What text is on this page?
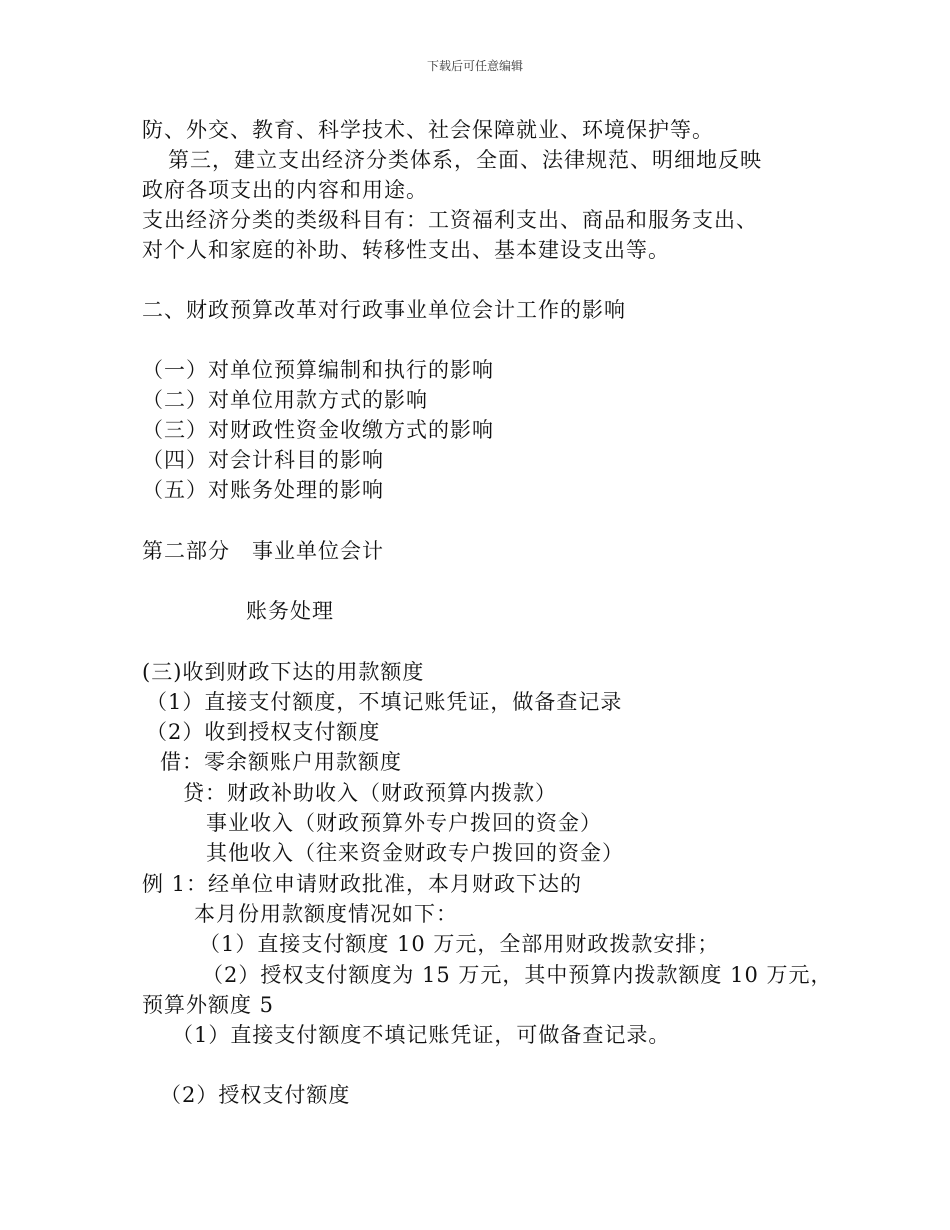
下载后可任意编辑
防、外交、教育、科学技术、社会保障就业、环境保护等。
第三，建立支出经济分类体系，全面、法律规范、明细地反映
政府各项支出的内容和用途。
支出经济分类的类级科目有：工资福利支出、商品和服务支出、
对个人和家庭的补助、转移性支出、基本建设支出等。
二、财政预算改革对行政事业单位会计工作的影响
（一）对单位预算编制和执行的影响
（二）对单位用款方式的影响
（三）对财政性资金收缴方式的影响
（四）对会计科目的影响
（五）对账务处理的影响
第二部分　事业单位会计
账务处理
(三)收到财政下达的用款额度
（1）直接支付额度，不填记账凭证，做备查记录
（2）收到授权支付额度
借：零余额账户用款额度
贷：财政补助收入（财政预算内拨款）
事业收入（财政预算外专户拨回的资金）
其他收入（往来资金财政专户拨回的资金）
例 1：经单位申请财政批准，本月财政下达的
本月份用款额度情况如下：
（1）直接支付额度 10 万元，全部用财政拨款安排；
（2）授权支付额度为 15 万元，其中预算内拨款额度 10 万元，
预算外额度 5
（1）直接支付额度不填记账凭证，可做备查记录。
（2）授权支付额度
